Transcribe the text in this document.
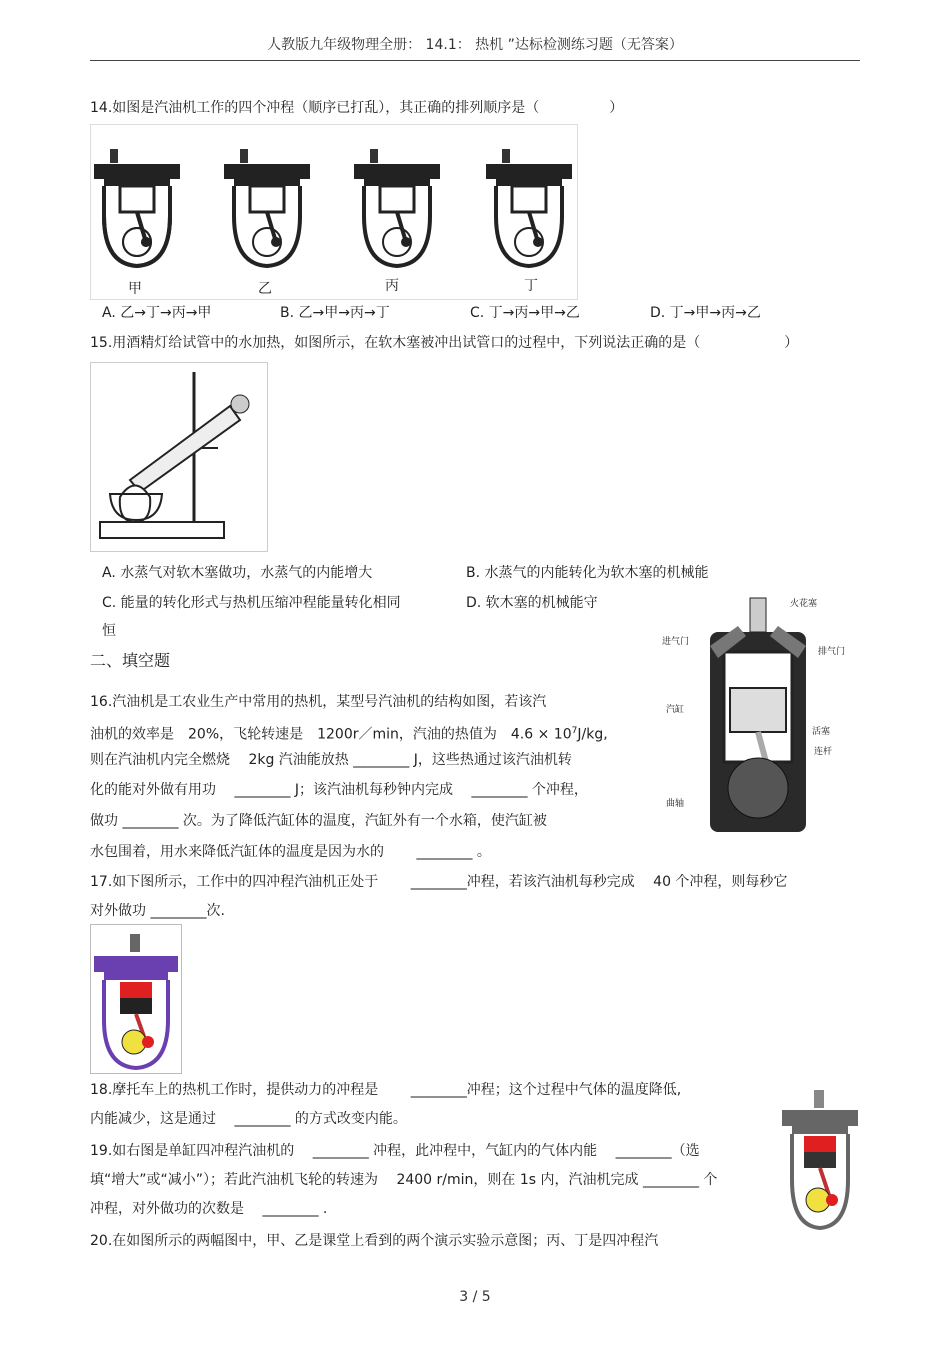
人教版九年级物理全册： 14.1： 热机 ”达标检测练习题（无答案）
14.如图是汽油机工作的四个冲程（顺序已打乱），其正确的排列顺序是（　　　　　）
甲	乙	丙	丁
A. 乙→丁→丙→甲	B. 乙→甲→丙→丁	C. 丁→丙→甲→乙	D. 丁→甲→丙→乙
15.用酒精灯给试管中的水加热，如图所示，在软木塞被冲出试管口的过程中，下列说法正确的是（　　　　　　）
A. 水蒸气对软木塞做功，水蒸气的内能增大	B. 水蒸气的内能转化为软木塞的机械能
C. 能量的转化形式与热机压缩冲程能量转化相同	D. 软木塞的机械能守
恒
二、填空题
16.汽油机是工农业生产中常用的热机，某型号汽油机的结构如图，若该汽
油机的效率是　20%，飞轮转速是　1200r／min，汽油的热值为　$4.6 \times 10^7J/kg$,
则在汽油机内完全燃烧　 2kg 汽油能放热 ________ J，这些热通过该汽油机转
化的能对外做有用功　 ________ J；该汽油机每秒钟内完成　 ________ 个冲程，
做功 ________ 次。为了降低汽缸体的温度，汽缸外有一个水箱，使汽缸被
水包围着，用水来降低汽缸体的温度是因为水的　　 ________ 。
火花塞
进气门
排气门
汽缸
活塞
连杆
曲轴
17.如下图所示，工作中的四冲程汽油机正处于　　 ________冲程，若该汽油机每秒完成　 40 个冲程，则每秒它
对外做功 ________次.
18.摩托车上的热机工作时，提供动力的冲程是　　 ________冲程；这个过程中气体的温度降低,
内能减少，这是通过　 ________ 的方式改变内能。
19.如右图是单缸四冲程汽油机的　 ________ 冲程，此冲程中，气缸内的气体内能　 ________（选
填“增大”或“减小”）；若此汽油机飞轮的转速为　 2400 r/min，则在 1s 内，汽油机完成 ________ 个
冲程，对外做功的次数是　 ________ .
20.在如图所示的两幅图中，甲、乙是课堂上看到的两个演示实验示意图；丙、丁是四冲程汽
3 / 5
